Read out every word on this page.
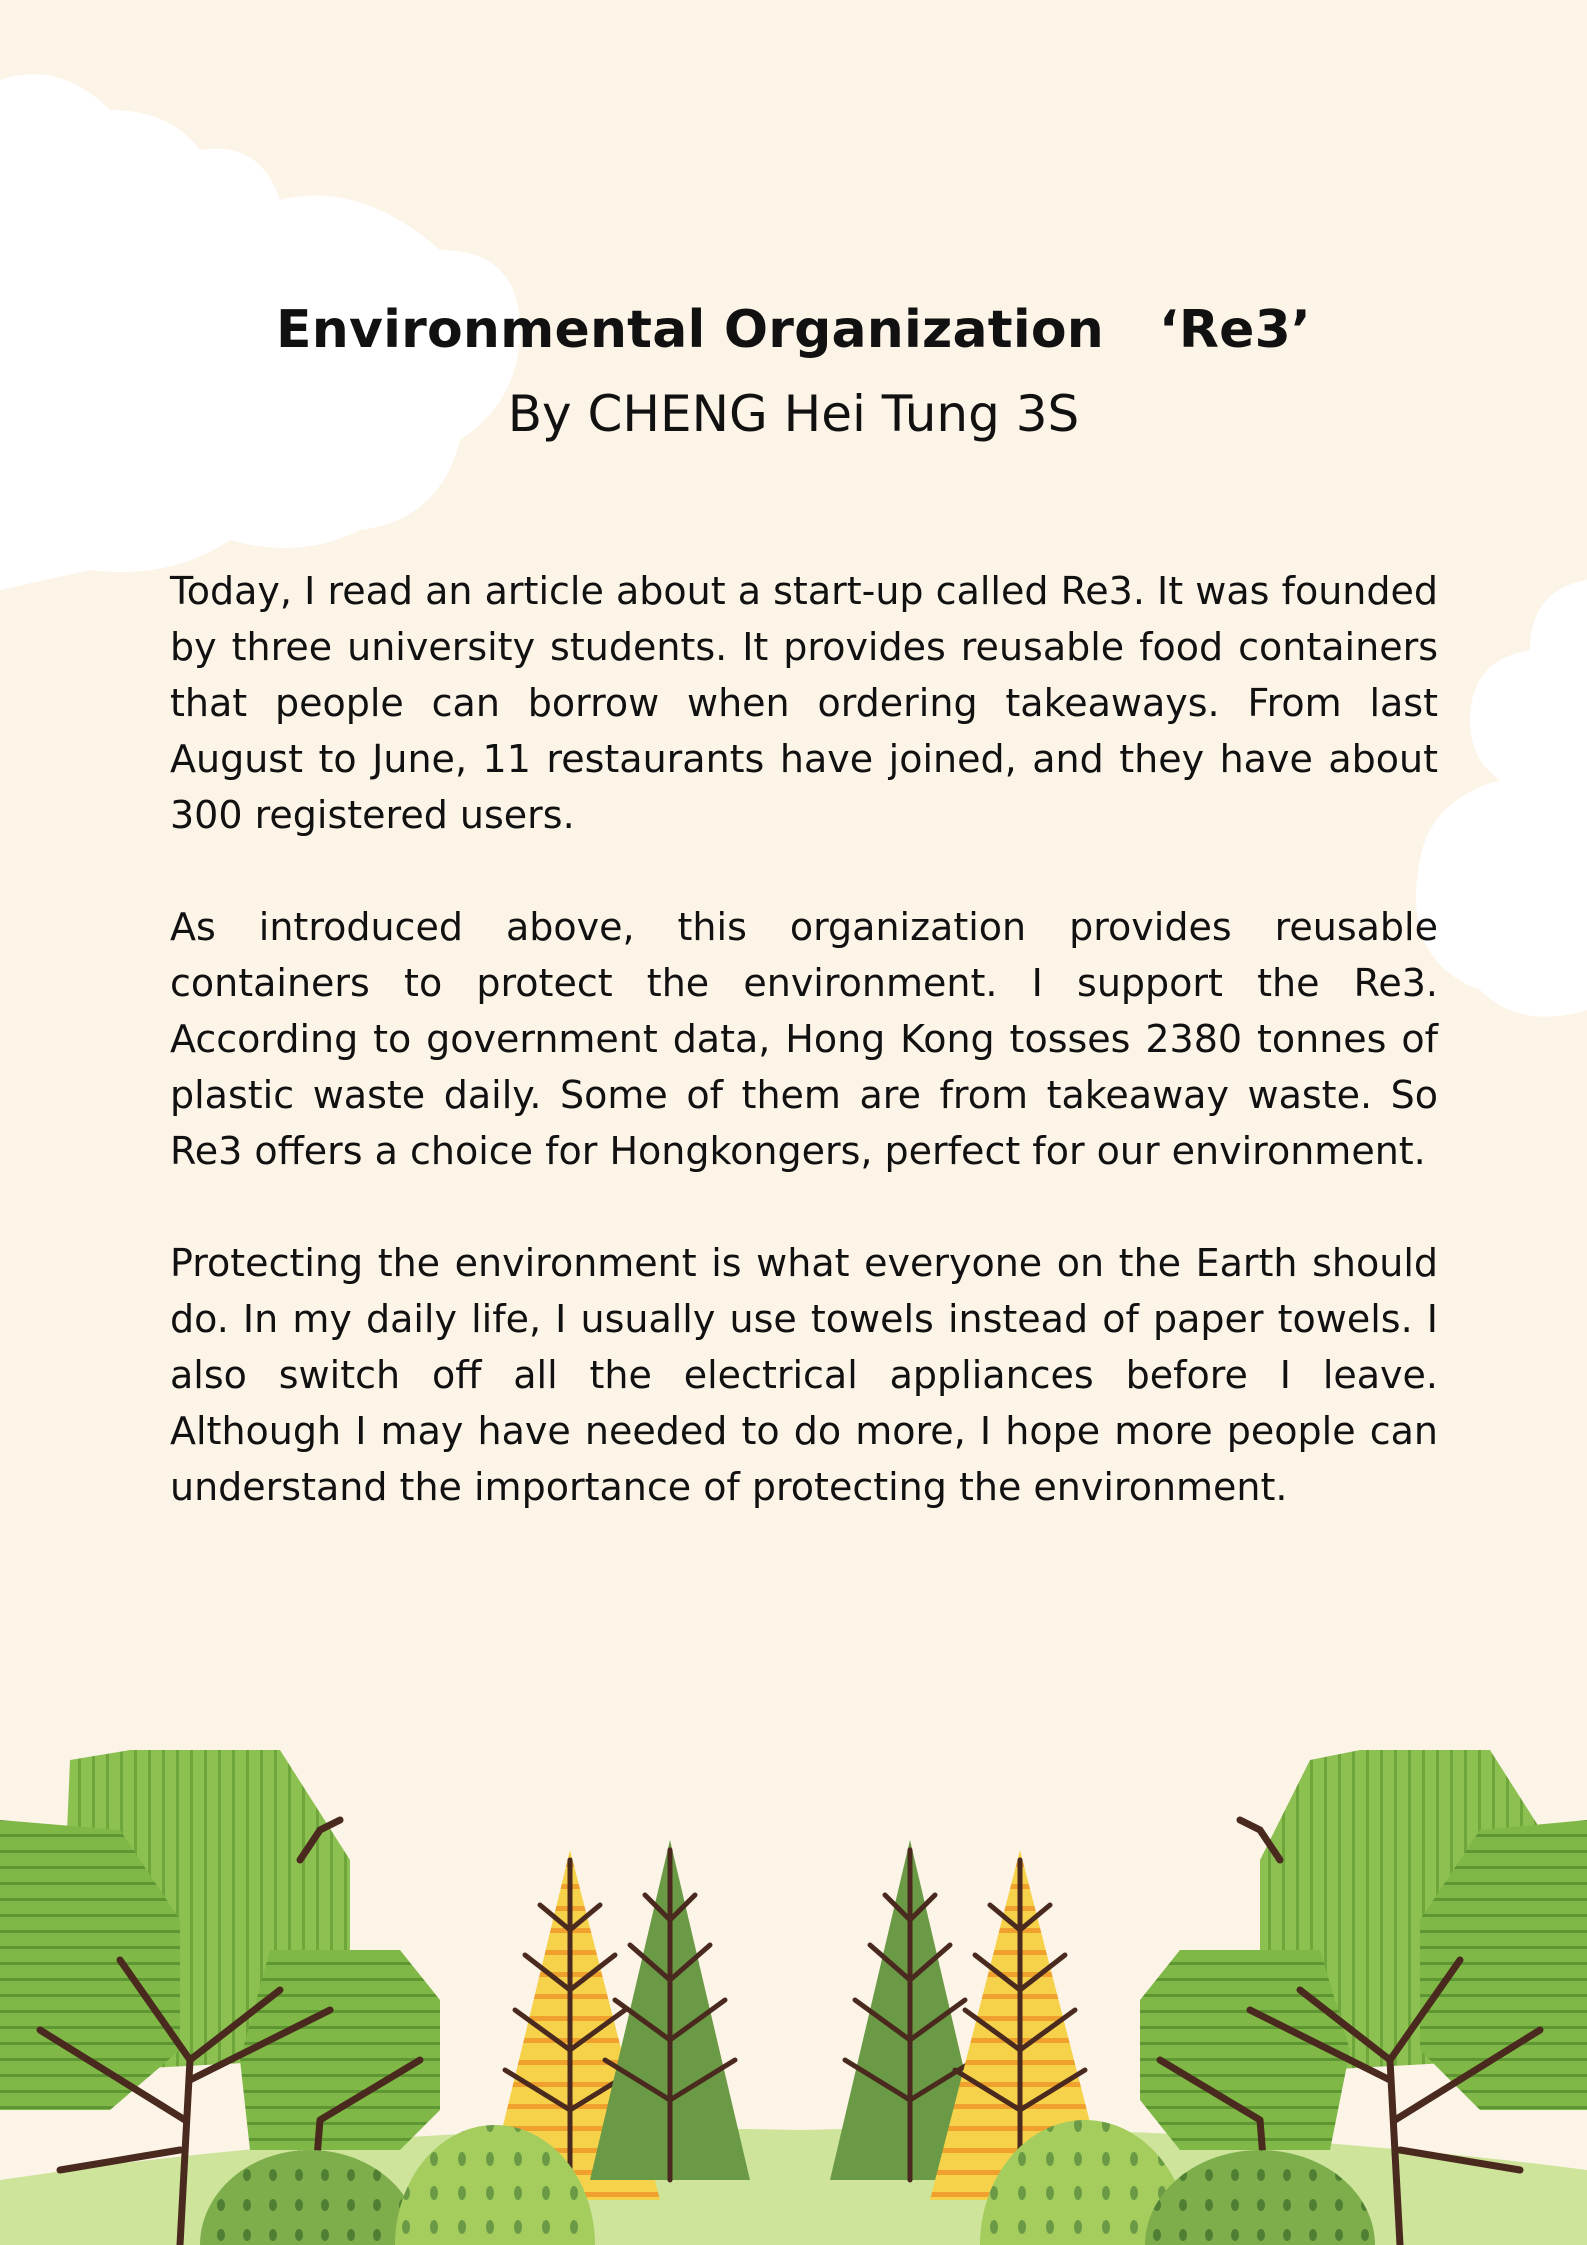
Environmental Organization   ‘Re3’
By CHENG Hei Tung 3S

Today, I read an article about a start-up called Re3. It was founded by three university students. It provides reusable food containers that people can borrow when ordering takeaways. From last August to June, 11 restaurants have joined, and they have about 300 registered users.

As introduced above, this organization provides reusable containers to protect the environment. I support the Re3. According to government data, Hong Kong tosses 2380 tonnes of plastic waste daily. Some of them are from takeaway waste. So Re3 offers a choice for Hongkongers, perfect for our environment.

Protecting the environment is what everyone on the Earth should do. In my daily life, I usually use towels instead of paper towels. I also switch off all the electrical appliances before I leave. Although I may have needed to do more, I hope more people can understand the importance of protecting the environment.
